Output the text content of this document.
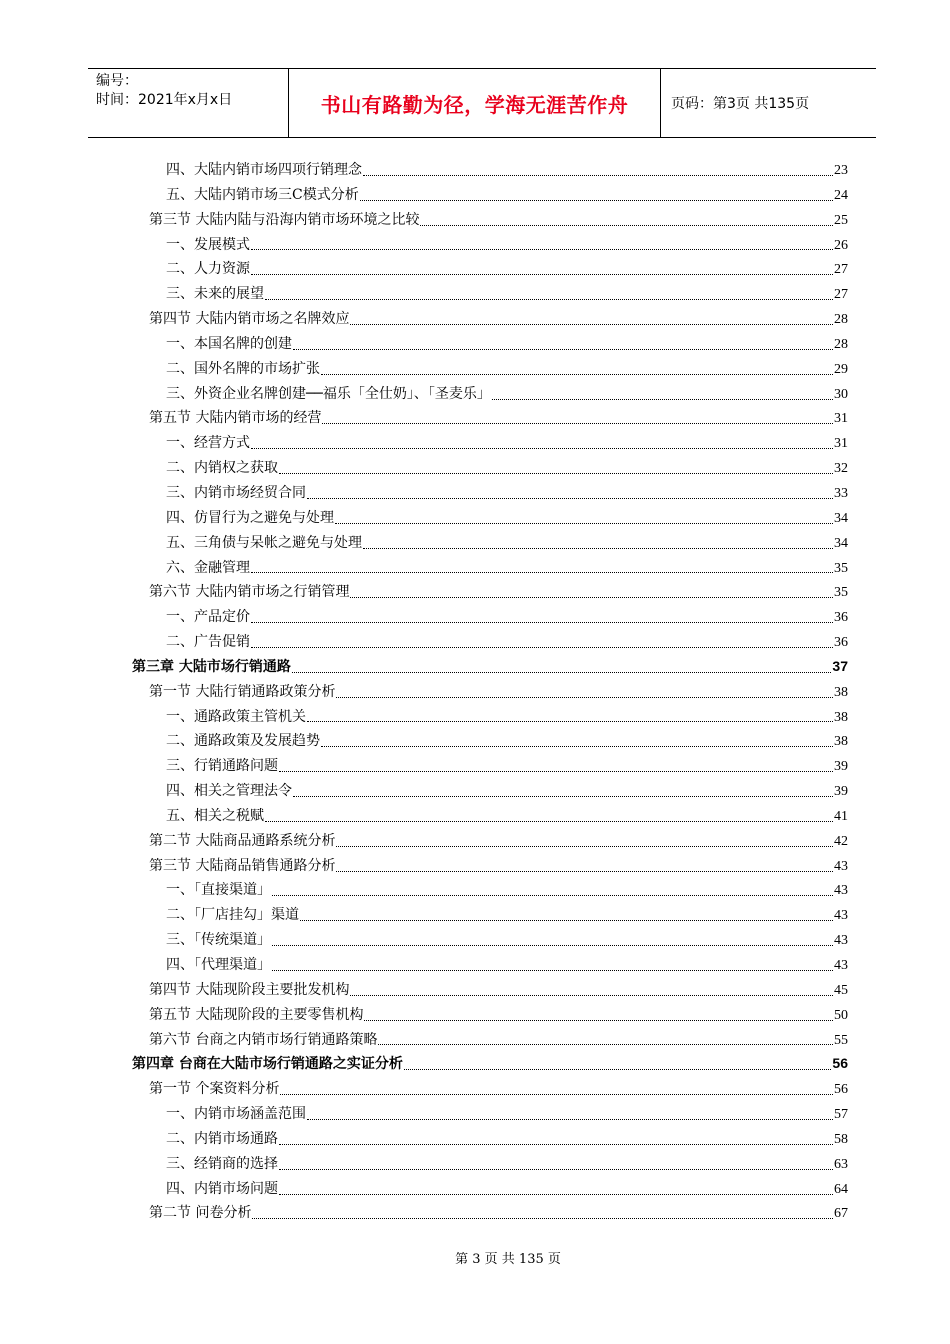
编号：
时间：2021年x月x日	书山有路勤为径，学海无涯苦作舟	页码：第3页 共135页
四、大陆内销市场四项行销理念	23
五、大陆内销市场三C模式分析	24
第三节 大陆内陆与沿海内销市场环境之比较	25
一、发展模式	26
二、人力资源	27
三、未来的展望	27
第四节 大陆内销市场之名牌效应	28
一、本国名牌的创建	28
二、国外名牌的市场扩张	29
三、外资企业名牌创建──福乐「全仕奶」、「圣麦乐」	30
第五节 大陆内销市场的经营	31
一、经营方式	31
二、内销权之获取	32
三、内销市场经贸合同	33
四、仿冒行为之避免与处理	34
五、三角债与呆帐之避免与处理	34
六、金融管理	35
第六节 大陆内销市场之行销管理	35
一、产品定价	36
二、广告促销	36
第三章 大陆市场行销通路	37
第一节 大陆行销通路政策分析	38
一、通路政策主管机关	38
二、通路政策及发展趋势	38
三、行销通路问题	39
四、相关之管理法令	39
五、相关之税赋	41
第二节 大陆商品通路系统分析	42
第三节 大陆商品销售通路分析	43
一、「直接渠道」	43
二、「厂店挂勾」渠道	43
三、「传统渠道」	43
四、「代理渠道」	43
第四节 大陆现阶段主要批发机构	45
第五节 大陆现阶段的主要零售机构	50
第六节 台商之内销市场行销通路策略	55
第四章 台商在大陆市场行销通路之实证分析	56
第一节 个案资料分析	56
一、内销市场涵盖范围	57
二、内销市场通路	58
三、经销商的选择	63
四、内销市场问题	64
第二节 问卷分析	67
第 3 页 共 135 页
